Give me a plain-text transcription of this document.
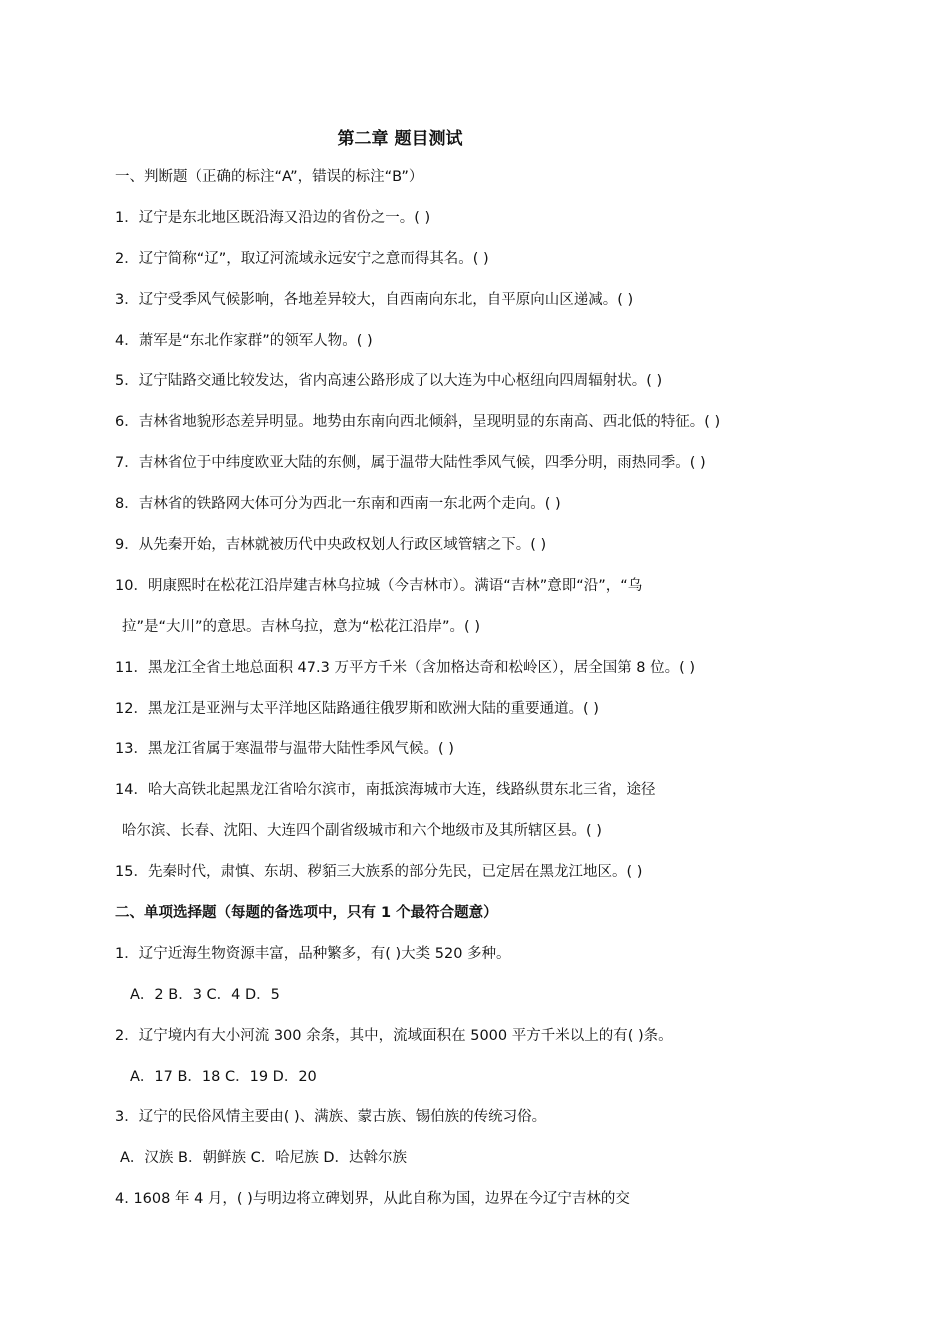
第二章 题目测试
一、判断题（正确的标注“A”，错误的标注“B”）
1．辽宁是东北地区既沿海又沿边的省份之一。( )
2．辽宁简称“辽”，取辽河流域永远安宁之意而得其名。( )
3．辽宁受季风气候影响，各地差异较大，自西南向东北，自平原向山区递减。( )
4．萧军是“东北作家群”的领军人物。( )
5．辽宁陆路交通比较发达，省内高速公路形成了以大连为中心枢纽向四周辐射状。( )
6．吉林省地貌形态差异明显。地势由东南向西北倾斜，呈现明显的东南高、西北低的特征。( )
7．吉林省位于中纬度欧亚大陆的东侧，属于温带大陆性季风气候，四季分明，雨热同季。( )
8．吉林省的铁路网大体可分为西北一东南和西南一东北两个走向。( )
9．从先秦开始，吉林就被历代中央政权划人行政区域管辖之下。( )
10．明康熙时在松花江沿岸建吉林乌拉城（今吉林市）。满语“吉林”意即“沿”，“乌
拉”是“大川”的意思。吉林乌拉，意为“松花江沿岸”。( )
11．黑龙江全省土地总面积 47.3 万平方千米（含加格达奇和松岭区），居全国第 8 位。( )
12．黑龙江是亚洲与太平洋地区陆路通往俄罗斯和欧洲大陆的重要通道。( )
13．黑龙江省属于寒温带与温带大陆性季风气候。( )
14．哈大高铁北起黑龙江省哈尔滨市，南抵滨海城市大连，线路纵贯东北三省，途径
哈尔滨、长春、沈阳、大连四个副省级城市和六个地级市及其所辖区县。( )
15．先秦时代，肃慎、东胡、秽貊三大族系的部分先民，已定居在黑龙江地区。( )
二、单项选择题（每题的备选项中，只有 1 个最符合题意）
1．辽宁近海生物资源丰富，品种繁多，有( )大类 520 多种。
A．2 B．3 C．4 D．5
2．辽宁境内有大小河流 300 余条，其中，流域面积在 5000 平方千米以上的有( )条。
A．17 B．18 C．19 D．20
3．辽宁的民俗风情主要由( )、满族、蒙古族、锡伯族的传统习俗。
A．汉族 B．朝鲜族 C．哈尼族 D．达斡尔族
4. 1608 年 4 月，( )与明边将立碑划界，从此自称为国，边界在今辽宁吉林的交
